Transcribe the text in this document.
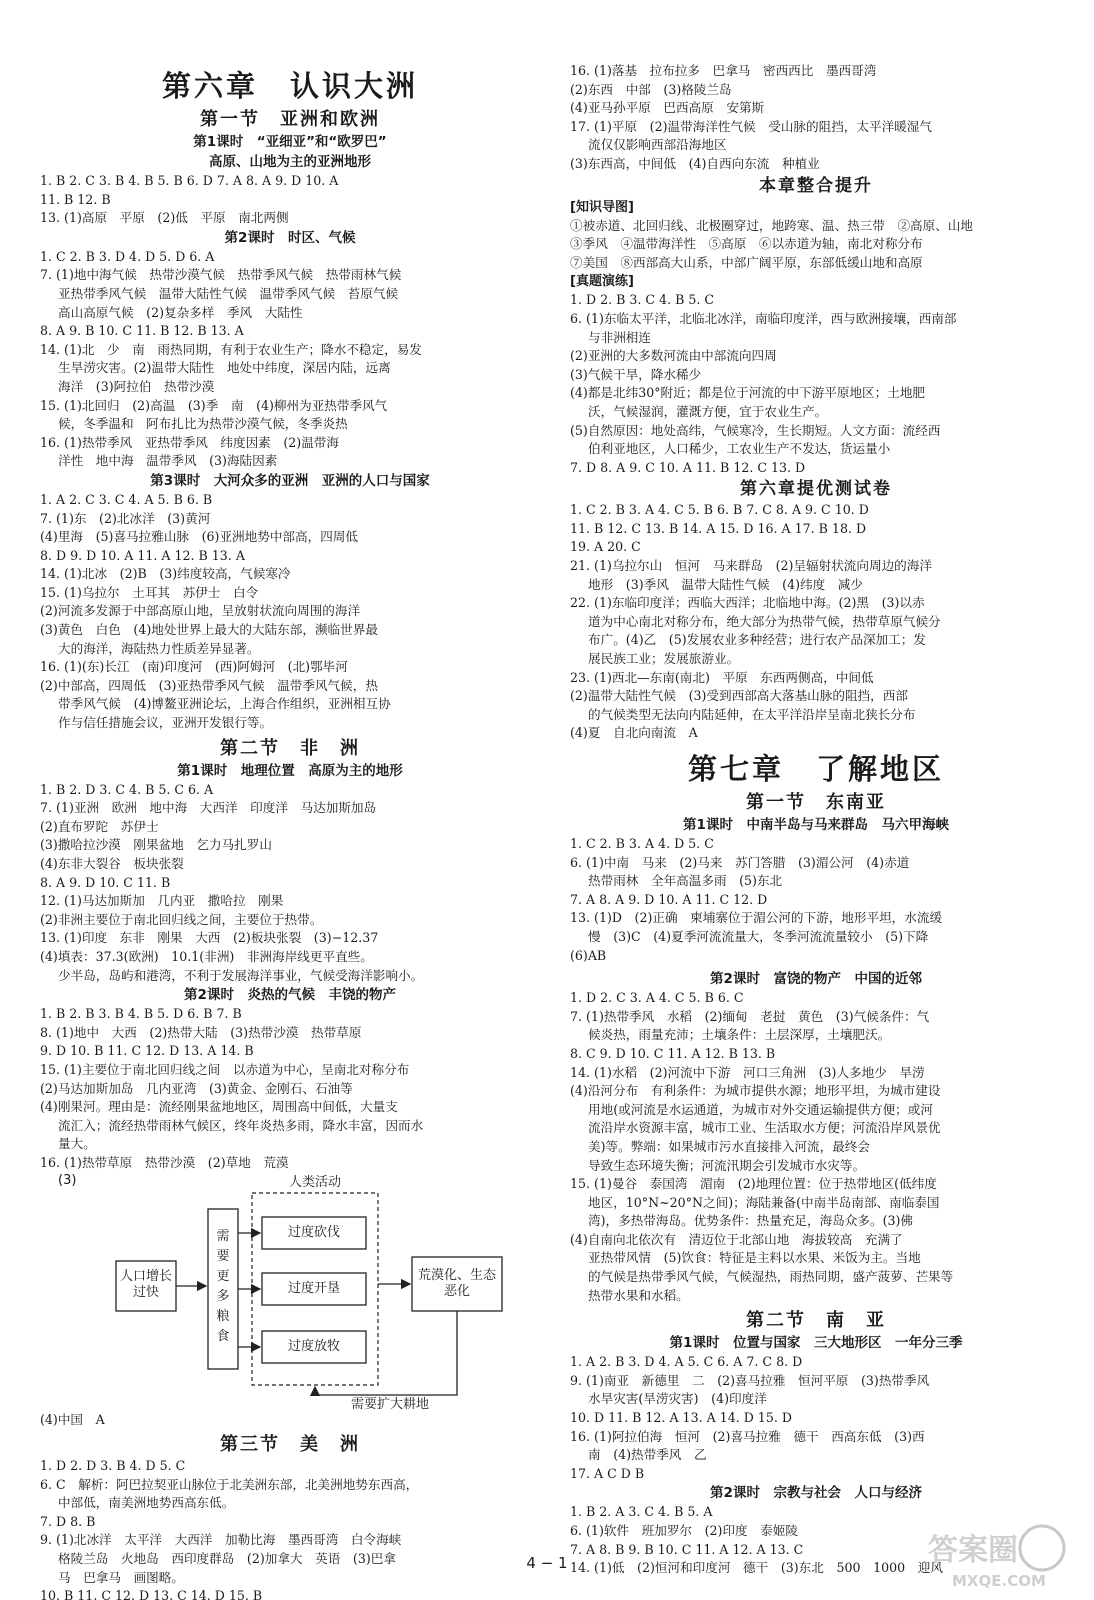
第六章　认识大洲
第一节　亚洲和欧洲
第1课时　“亚细亚”和“欧罗巴”
高原、山地为主的亚洲地形
1. B 2. C 3. B 4. B 5. B 6. D 7. A 8. A 9. D 10. A
11. B 12. B
13. (1)高原　平原　(2)低　平原　南北两侧
第2课时　时区、气候
1. C 2. B 3. D 4. D 5. D 6. A
7. (1)地中海气候　热带沙漠气候　热带季风气候　热带雨林气候
亚热带季风气候　温带大陆性气候　温带季风气候　苔原气候
高山高原气候　(2)复杂多样　季风　大陆性
8. A 9. B 10. C 11. B 12. B 13. A
14. (1)北　少　南　雨热同期，有利于农业生产；降水不稳定，易发
生旱涝灾害。(2)温带大陆性　地处中纬度，深居内陆，远离
海洋　(3)阿拉伯　热带沙漠
15. (1)北回归　(2)高温　(3)季　南　(4)柳州为亚热带季风气
候，冬季温和　阿布扎比为热带沙漠气候，冬季炎热
16. (1)热带季风　亚热带季风　纬度因素　(2)温带海
洋性　地中海　温带季风　(3)海陆因素
第3课时　大河众多的亚洲　亚洲的人口与国家
1. A 2. C 3. C 4. A 5. B 6. B
7. (1)东　(2)北冰洋　(3)黄河
(4)里海　(5)喜马拉雅山脉　(6)亚洲地势中部高，四周低
8. D 9. D 10. A 11. A 12. B 13. A
14. (1)北冰　(2)B　(3)纬度较高，气候寒冷
15. (1)乌拉尔　土耳其　苏伊士　白令
(2)河流多发源于中部高原山地，呈放射状流向周围的海洋
(3)黄色　白色　(4)地处世界上最大的大陆东部，濒临世界最
大的海洋，海陆热力性质差异显著。
16. (1)(东)长江　(南)印度河　(西)阿姆河　(北)鄂毕河
(2)中部高，四周低　(3)亚热带季风气候　温带季风气候，热
带季风气候　(4)博鳌亚洲论坛，上海合作组织，亚洲相互协
作与信任措施会议，亚洲开发银行等。
第二节　非　洲
第1课时　地理位置　高原为主的地形
1. B 2. D 3. C 4. B 5. C 6. A
7. (1)亚洲　欧洲　地中海　大西洋　印度洋　马达加斯加岛
(2)直布罗陀　苏伊士
(3)撒哈拉沙漠　刚果盆地　乞力马扎罗山
(4)东非大裂谷　板块张裂
8. A 9. D 10. C 11. B
12. (1)马达加斯加　几内亚　撒哈拉　刚果
(2)非洲主要位于南北回归线之间，主要位于热带。
13. (1)印度　东非　刚果　大西　(2)板块张裂　(3)−12.37
(4)填表：37.3(欧洲)　10.1(非洲)　非洲海岸线更平直些。
少半岛，岛屿和港湾，不利于发展海洋事业，气候受海洋影响小。
第2课时　炎热的气候　丰饶的物产
1. B 2. B 3. B 4. B 5. D 6. B 7. B
8. (1)地中　大西　(2)热带大陆　(3)热带沙漠　热带草原
9. D 10. B 11. C 12. D 13. A 14. B
15. (1)主要位于南北回归线之间　以赤道为中心，呈南北对称分布
(2)马达加斯加岛　几内亚湾　(3)黄金、金刚石、石油等
(4)刚果河。理由是：流经刚果盆地地区，周围高中间低，大量支
流汇入；流经热带雨林气候区，终年炎热多雨，降水丰富，因而水
量大。
16. (1)热带草原　热带沙漠　(2)草地　荒漠
(3)	人类活动
人口增长过快
需要更多粮食
过度砍伐
过度开垦
过度放牧
荒漠化、生态恶化
需要扩大耕地
(4)中国　A
第三节　美　洲
1. D 2. D 3. B 4. D 5. C
6. C　解析：阿巴拉契亚山脉位于北美洲东部，北美洲地势东西高，
中部低，南美洲地势西高东低。
7. D 8. B
9. (1)北冰洋　太平洋　大西洋　加勒比海　墨西哥湾　白令海峡
格陵兰岛　火地岛　西印度群岛　(2)加拿大　英语　(3)巴拿
马　巴拿马　画图略。
10. B 11. C 12. D 13. C 14. D 15. B
16. (1)落基　拉布拉多　巴拿马　密西西比　墨西哥湾
(2)东西　中部　(3)格陵兰岛
(4)亚马孙平原　巴西高原　安第斯
17. (1)平原　(2)温带海洋性气候　受山脉的阻挡，太平洋暖湿气
流仅仅影响西部沿海地区
(3)东西高，中间低　(4)自西向东流　种植业
本章整合提升
[知识导图]
①被赤道、北回归线、北极圈穿过，地跨寒、温、热三带　②高原、山地
③季风　④温带海洋性　⑤高原　⑥以赤道为轴，南北对称分布
⑦美国　⑧西部高大山系，中部广阔平原，东部低缓山地和高原
[真题演练]
1. D 2. B 3. C 4. B 5. C
6. (1)东临太平洋，北临北冰洋，南临印度洋，西与欧洲接壤，西南部
与非洲相连
(2)亚洲的大多数河流由中部流向四周
(3)气候干旱，降水稀少
(4)都是北纬30°附近；都是位于河流的中下游平原地区；土地肥
沃，气候湿润，灌溉方便，宜于农业生产。
(5)自然原因：地处高纬，气候寒冷，生长期短。人文方面：流经西
伯利亚地区，人口稀少，工农业生产不发达，货运量小
7. D 8. A 9. C 10. A 11. B 12. C 13. D
第六章提优测试卷
1. C 2. B 3. A 4. C 5. B 6. B 7. C 8. A 9. C 10. D
11. B 12. C 13. B 14. A 15. D 16. A 17. B 18. D
19. A 20. C
21. (1)乌拉尔山　恒河　马来群岛　(2)呈辐射状流向周边的海洋
地形　(3)季风　温带大陆性气候　(4)纬度　减少
22. (1)东临印度洋；西临大西洋；北临地中海。(2)黑　(3)以赤
道为中心南北对称分布，绝大部分为热带气候，热带草原气候分
布广。(4)乙　(5)发展农业多种经营；进行农产品深加工；发
展民族工业；发展旅游业。
23. (1)西北—东南(南北)　平原　东西两侧高，中间低
(2)温带大陆性气候　(3)受到西部高大落基山脉的阻挡，西部
的气候类型无法向内陆延伸，在太平洋沿岸呈南北狭长分布
(4)夏　自北向南流　A
第七章　了解地区
第一节　东南亚
第1课时　中南半岛与马来群岛　马六甲海峡
1. C 2. B 3. A 4. D 5. C
6. (1)中南　马来　(2)马来　苏门答腊　(3)湄公河　(4)赤道
热带雨林　全年高温多雨　(5)东北
7. A 8. A 9. D 10. A 11. C 12. D
13. (1)D　(2)正确　柬埔寨位于湄公河的下游，地形平坦，水流缓
慢　(3)C　(4)夏季河流流量大，冬季河流流量较小　(5)下降
(6)AB
第2课时　富饶的物产　中国的近邻
1. D 2. C 3. A 4. C 5. B 6. C
7. (1)热带季风　水稻　(2)缅甸　老挝　黄色　(3)气候条件：气
候炎热，雨量充沛；土壤条件：土层深厚，土壤肥沃。
8. C 9. D 10. C 11. A 12. B 13. B
14. (1)水稻　(2)河流中下游　河口三角洲　(3)人多地少　旱涝
(4)沿河分布　有利条件：为城市提供水源；地形平坦，为城市建设
用地(或河流是水运通道，为城市对外交通运输提供方便；或河
流沿岸水资源丰富，城市工业、生活取水方便；河流沿岸风景优
美)等。弊端：如果城市污水直接排入河流，最终会
导致生态环境失衡；河流汛期会引发城市水灾等。
15. (1)曼谷　泰国湾　湄南　(2)地理位置：位于热带地区(低纬度
地区，10°N~20°N之间)；海陆兼备(中南半岛南部、南临泰国
湾)，多热带海岛。优势条件：热量充足，海岛众多。(3)佛
(4)自南向北依次有　清迈位于北部山地　海拔较高　充满了
亚热带风情　(5)饮食：特征是主料以水果、米饭为主。当地
的气候是热带季风气候，气候湿热，雨热同期，盛产菠萝、芒果等
热带水果和水稻。
第二节　南　亚
第1课时　位置与国家　三大地形区　一年分三季
1. A 2. B 3. D 4. A 5. C 6. A 7. C 8. D
9. (1)南亚　新德里　二　(2)喜马拉雅　恒河平原　(3)热带季风
水旱灾害(旱涝灾害)　(4)印度洋
10. D 11. B 12. A 13. A 14. D 15. D
16. (1)阿拉伯海　恒河　(2)喜马拉雅　德干　西高东低　(3)西
南　(4)热带季风　乙
17. A C D B
第2课时　宗教与社会　人口与经济
1. B 2. A 3. C 4. B 5. A
6. (1)软件　班加罗尔　(2)印度　泰姬陵
7. A 8. B 9. B 10. C 11. A 12. A 13. C
14. (1)低　(2)恒河和印度河　德干　(3)东北　500　1000　迎风
4 − 1	答案圈
MXQE.COM
